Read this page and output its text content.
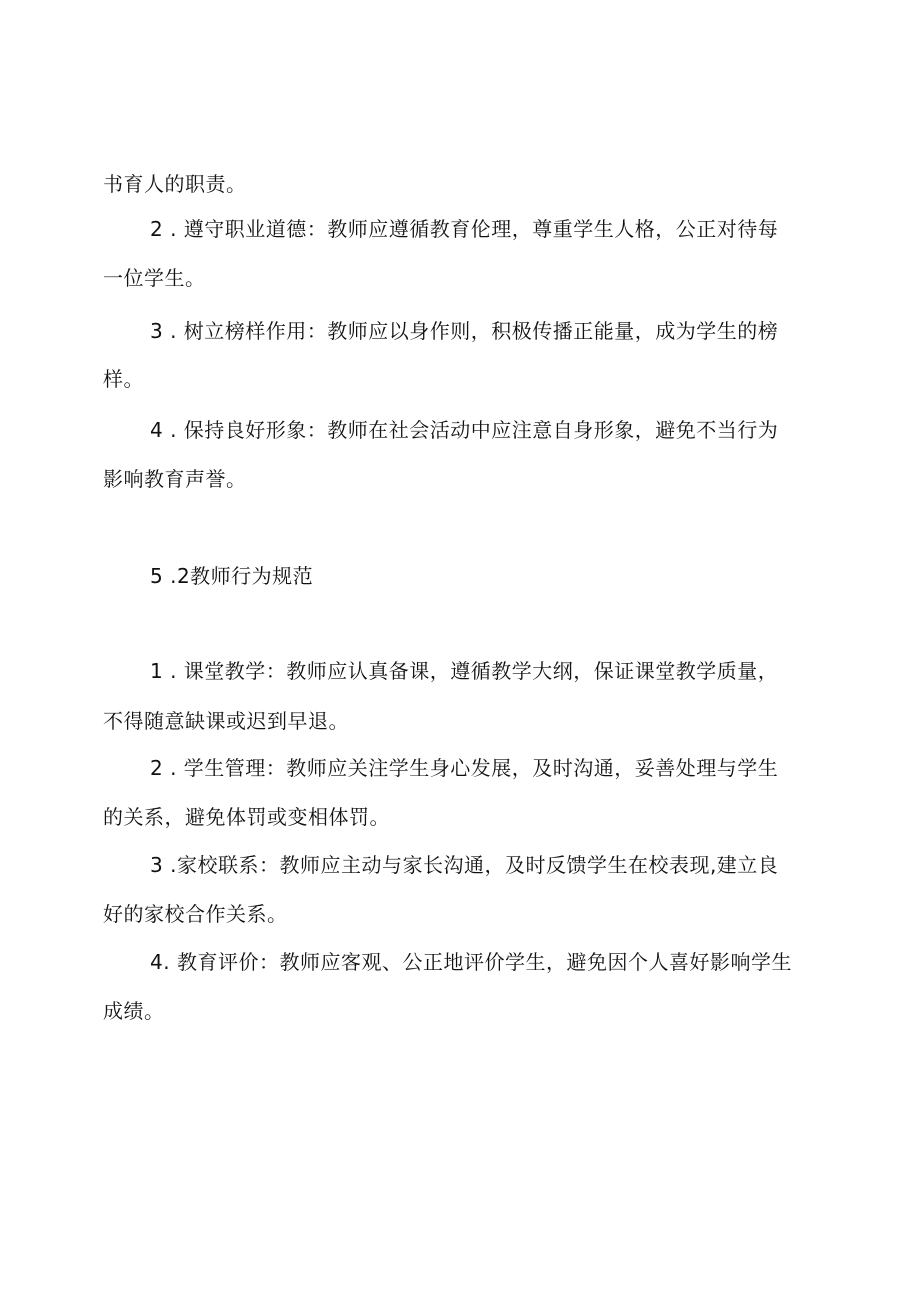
书育人的职责。
2 . 遵守职业道德：教师应遵循教育伦理，尊重学生人格，公正对待每
一位学生。
3 . 树立榜样作用：教师应以身作则，积极传播正能量，成为学生的榜
样。
4 . 保持良好形象：教师在社会活动中应注意自身形象，避免不当行为
影响教育声誉。
5 .2教师行为规范
1 . 课堂教学：教师应认真备课，遵循教学大纲，保证课堂教学质量，
不得随意缺课或迟到早退。
2 . 学生管理：教师应关注学生身心发展，及时沟通，妥善处理与学生
的关系，避免体罚或变相体罚。
3 .家校联系：教师应主动与家长沟通，及时反馈学生在校表现,建立良
好的家校合作关系。
4. 教育评价：教师应客观、公正地评价学生，避免因个人喜好影响学生
成绩。
